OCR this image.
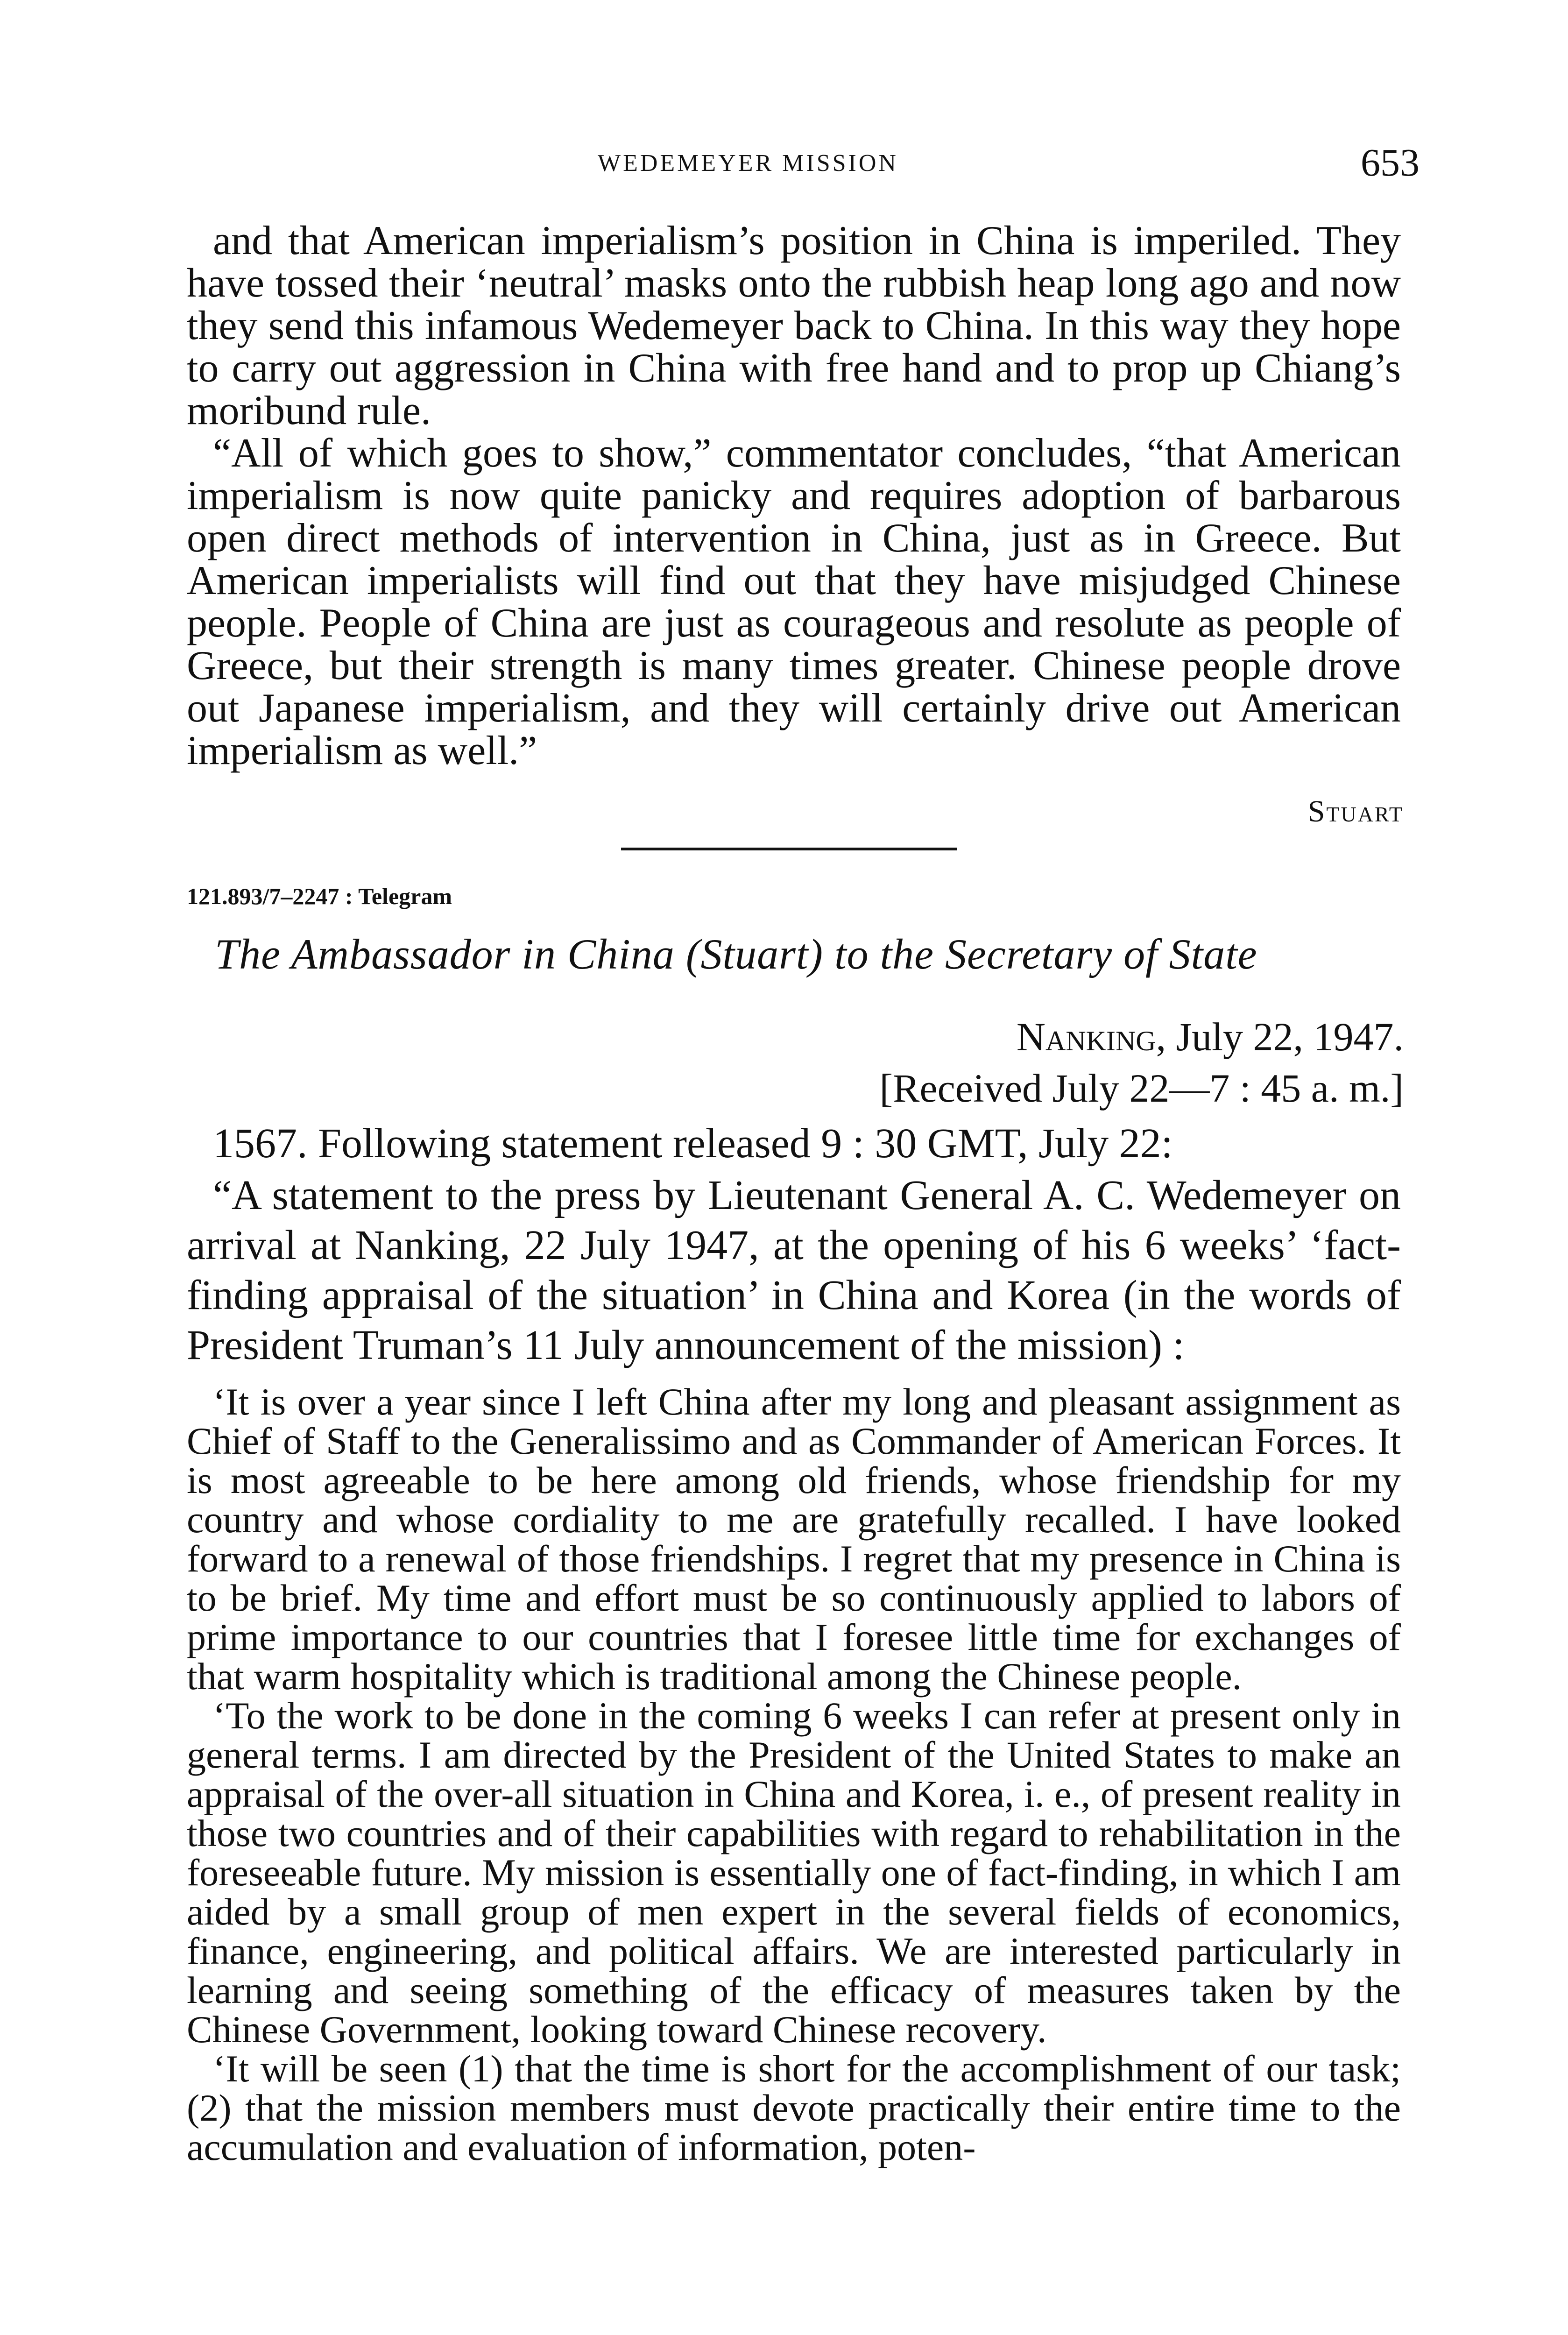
WEDEMEYER MISSION	653

and that American imperialism’s position in China is imperiled. They have tossed their ‘neutral’ masks onto the rubbish heap long ago and now they send this infamous Wedemeyer back to China. In this way they hope to carry out aggression in China with free hand and to prop up Chiang’s moribund rule.

“All of which goes to show,” commentator concludes, “that American imperialism is now quite panicky and requires adoption of barbarous open direct methods of intervention in China, just as in Greece. But American imperialists will find out that they have misjudged Chinese people. People of China are just as courageous and resolute as people of Greece, but their strength is many times greater. Chinese people drove out Japanese imperialism, and they will certainly drive out American imperialism as well.”

Stuart
121.893/7–2247 : Telegram
The Ambassador in China (Stuart) to the Secretary of State
Nanking, July 22, 1947.
[Received July 22—7 : 45 a. m.]

1567. Following statement released 9 : 30 GMT, July 22:

“A statement to the press by Lieutenant General A. C. Wedemeyer on arrival at Nanking, 22 July 1947, at the opening of his 6 weeks’ ‘fact-finding appraisal of the situation’ in China and Korea (in the words of President Truman’s 11 July announcement of the mission) :

‘It is over a year since I left China after my long and pleasant assignment as Chief of Staff to the Generalissimo and as Commander of American Forces. It is most agreeable to be here among old friends, whose friendship for my country and whose cordiality to me are gratefully recalled. I have looked forward to a renewal of those friendships. I regret that my presence in China is to be brief. My time and effort must be so continuously applied to labors of prime importance to our countries that I foresee little time for exchanges of that warm hospitality which is traditional among the Chinese people.

‘To the work to be done in the coming 6 weeks I can refer at present only in general terms. I am directed by the President of the United States to make an appraisal of the over-all situation in China and Korea, i. e., of present reality in those two countries and of their capabilities with regard to rehabilitation in the foreseeable future. My mission is essentially one of fact-finding, in which I am aided by a small group of men expert in the several fields of economics, finance, engineering, and political affairs. We are interested particularly in learning and seeing something of the efficacy of measures taken by the Chinese Government, looking toward Chinese recovery.

‘It will be seen (1) that the time is short for the accomplishment of our task; (2) that the mission members must devote practically their entire time to the accumulation and evaluation of information, poten-
